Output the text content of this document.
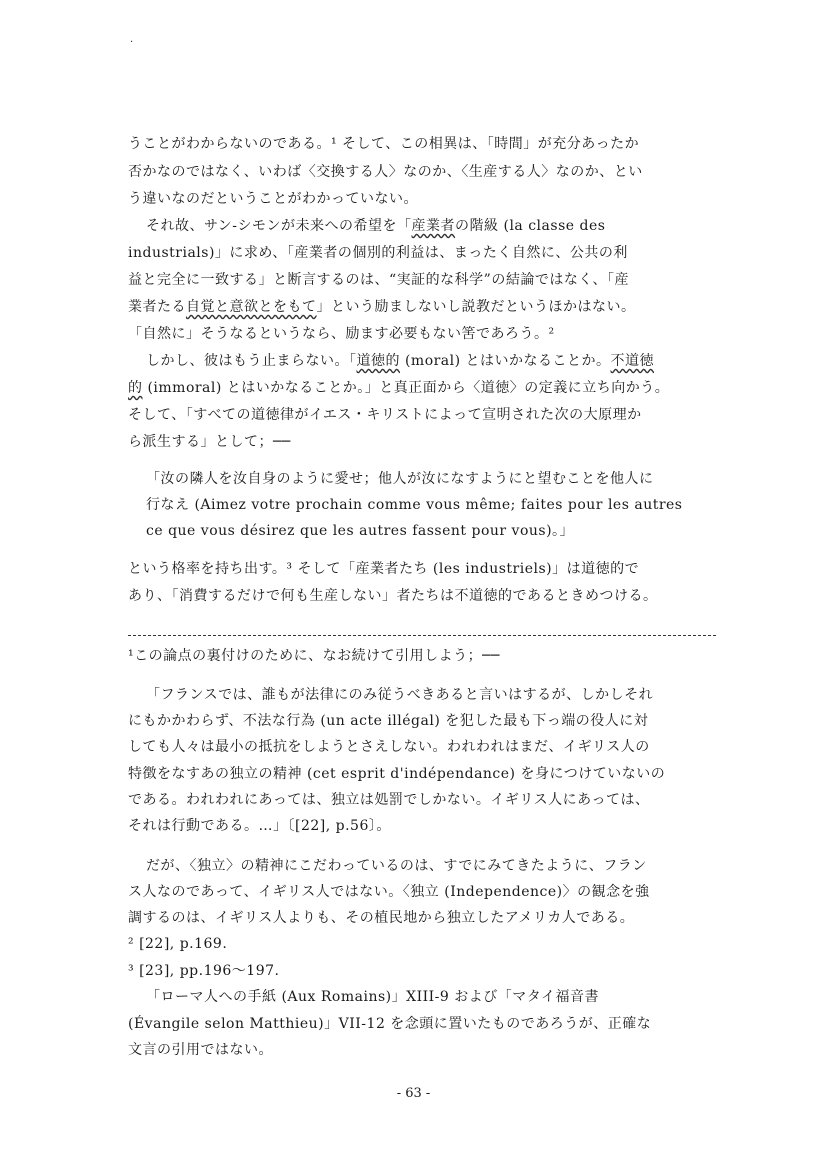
.
うことがわからないのである。¹ そして、この相異は、「時間」が充分あったか
否かなのではなく、いわば〈交換する人〉なのか、〈生産する人〉なのか、とい
う違いなのだということがわかっていない。
それ故、サン-シモンが未来への希望を「産業者の階級 (la classe des
industrials)」に求め、「産業者の個別的利益は、まったく自然に、公共の利
益と完全に一致する」と断言するのは、“実証的な科学”の結論ではなく、「産
業者たる自覚と意欲とをもて」という励ましないし説教だというほかはない。
「自然に」そうなるというなら、励ます必要もない筈であろう。²
しかし、彼はもう止まらない。「道徳的 (moral) とはいかなることか。不道徳
的 (immoral) とはいかなることか。」と真正面から〈道徳〉の定義に立ち向かう。
そして、「すべての道徳律がイエス・キリストによって宣明された次の大原理か
ら派生する」として；──
「汝の隣人を汝自身のように愛せ；他人が汝になすようにと望むことを他人に
行なえ (Aimez votre prochain comme vous même; faites pour les autres
ce que vous désirez que les autres fassent pour vous)。」
という格率を持ち出す。³ そして「産業者たち (les industriels)」は道徳的で
あり、「消費するだけで何も生産しない」者たちは不道徳的であるときめつける。
¹この論点の裏付けのために、なお続けて引用しよう；──
「フランスでは、誰もが法律にのみ従うべきあると言いはするが、しかしそれ
にもかかわらず、不法な行為 (un acte illégal) を犯した最も下っ端の役人に対
しても人々は最小の抵抗をしようとさえしない。われわれはまだ、イギリス人の
特徴をなすあの独立の精神 (cet esprit d'indépendance) を身につけていないの
である。われわれにあっては、独立は処罰でしかない。イギリス人にあっては、
それは行動である。…」〔[22], p.56〕。
だが、〈独立〉の精神にこだわっているのは、すでにみてきたように、フラン
ス人なのであって、イギリス人ではない。〈独立 (Independence)〉の観念を強
調するのは、イギリス人よりも、その植民地から独立したアメリカ人である。
² [22], p.169.
³ [23], pp.196～197.
「ローマ人への手紙 (Aux Romains)」XIII-9 および「マタイ福音書
(Évangile selon Matthieu)」VII-12 を念頭に置いたものであろうが、正確な
文言の引用ではない。
- 63 -
